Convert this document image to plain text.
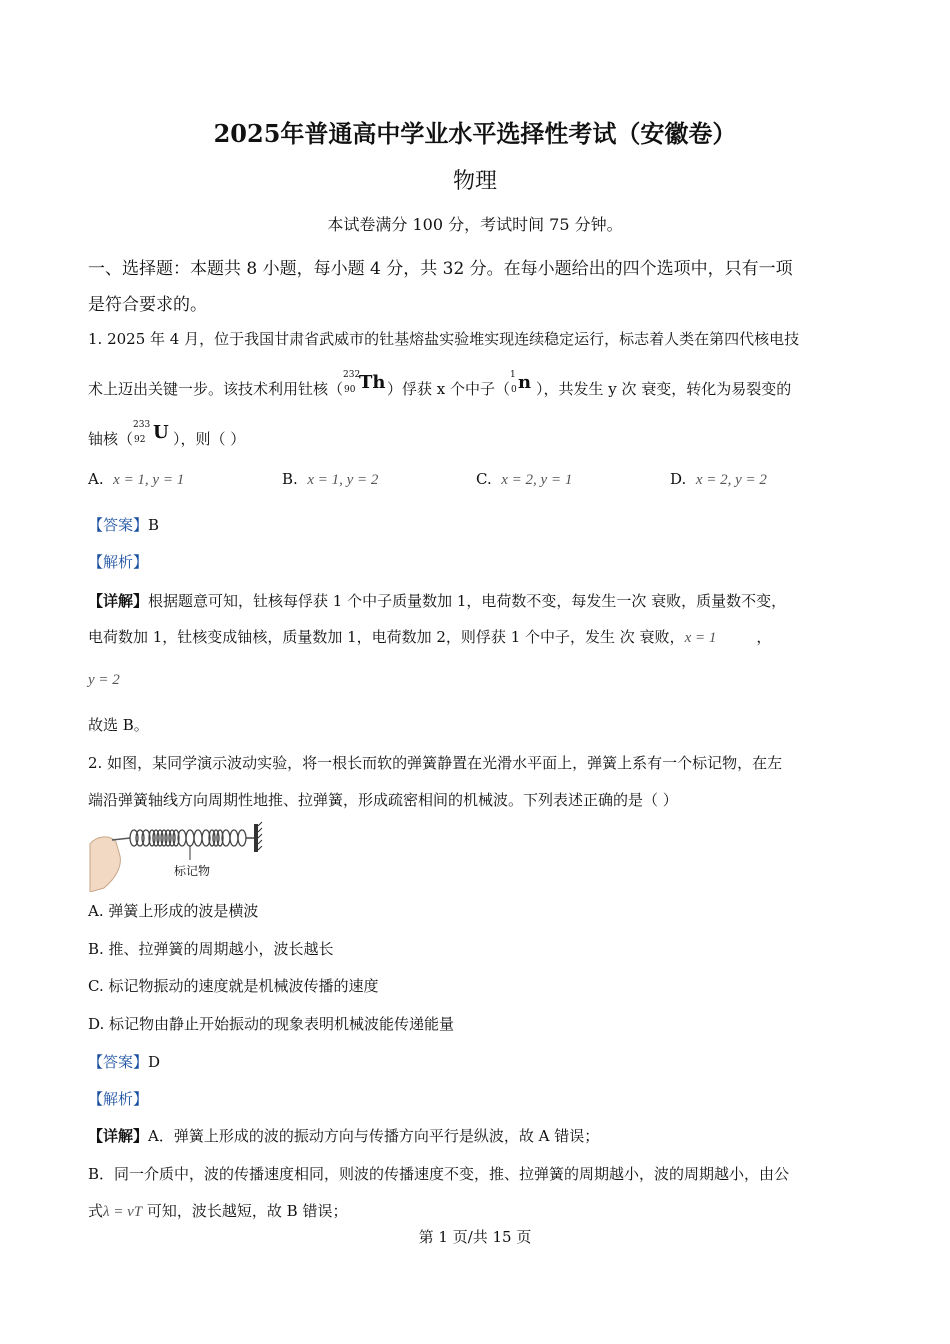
2025年普通高中学业水平选择性考试（安徽卷）
物理
本试卷满分 100 分，考试时间 75 分钟。
一、选择题：本题共 8 小题，每小题 4 分，共 32 分。在每小题给出的四个选项中，只有一项
是符合要求的。
1. 2025 年 4 月，位于我国甘肃省武威市的钍基熔盐实验堆实现连续稳定运行，标志着人类在第四代核电技
术上迈出关键一步。该技术利用钍核（
232
90 Th ）俘获 x 个中子（
1
0 n ），共发生 y 次 衰变，转化为易裂变的
铀核（
233
92 U ），则（ ）
A. x = 1, y = 1	B. x = 1, y = 2	C. x = 2, y = 1	D. x = 2, y = 2
【答案】B
【解析】
【详解】根据题意可知，钍核每俘获 1 个中子质量数加 1，电荷数不变，每发生一次 衰败，质量数不变，
电荷数加 1，钍核变成铀核，质量数加 1，电荷数加 2，则俘获 1 个中子，发生 次 衰败，x = 1	，
y = 2
故选 B。
2. 如图，某同学演示波动实验，将一根长而软的弹簧静置在光滑水平面上，弹簧上系有一个标记物，在左
端沿弹簧轴线方向周期性地推、拉弹簧，形成疏密相间的机械波。下列表述正确的是（ ）
标记物
A. 弹簧上形成的波是横波
B. 推、拉弹簧的周期越小，波长越长
C. 标记物振动的速度就是机械波传播的速度
D. 标记物由静止开始振动的现象表明机械波能传递能量
【答案】D
【解析】
【详解】A．弹簧上形成的波的振动方向与传播方向平行是纵波，故 A 错误；
B．同一介质中，波的传播速度相同，则波的传播速度不变，推、拉弹簧的周期越小，波的周期越小，由公
式λ = vT 可知，波长越短，故 B 错误；
第 1 页/共 15 页
